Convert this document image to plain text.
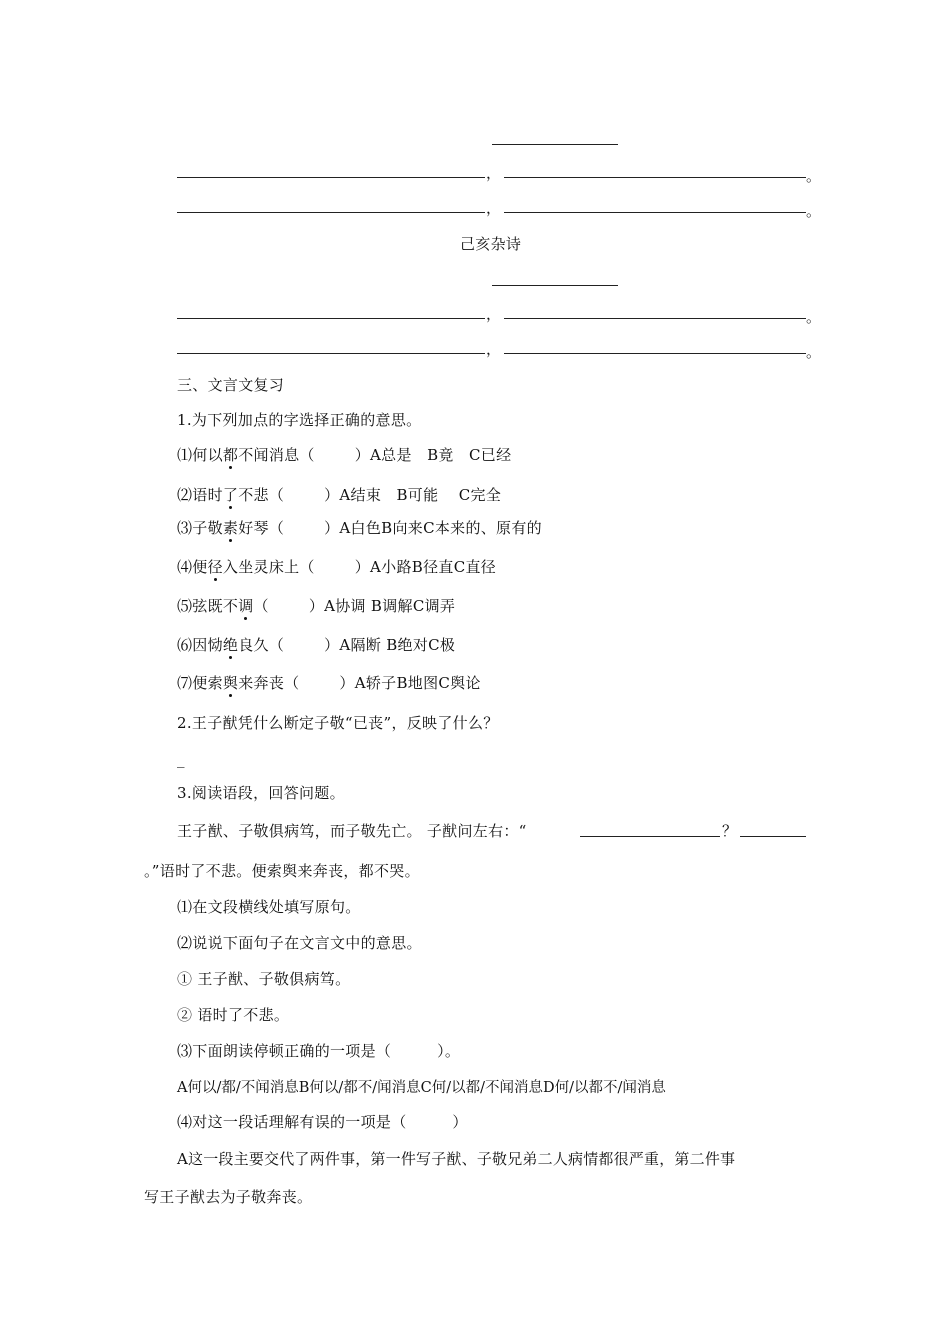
，	。
，	。
己亥杂诗
，	。
，	。
三、文言文复习
1.为下列加点的字选择正确的意思。
⑴何以都不闻消息（	）A总是　B竟　C已经
⑵语时了不悲（	）A结束　B可能　 C完全
⑶子敬素好琴（	）A白色B向来C本来的、原有的
⑷便径入坐灵床上（	）A小路B径直C直径
⑸弦既不调（	）A协调 B调解C调弄
⑹因恸绝良久（	）A隔断 B绝对C极
⑺便索舆来奔丧（	）A轿子B地图C舆论
2.王子猷凭什么断定子敬“已丧”，反映了什么？
_
3.阅读语段，回答问题。
王子猷、子敬俱病笃，而子敬先亡。 子猷问左右：“	？
。”语时了不悲。便索舆来奔丧，都不哭。
⑴在文段横线处填写原句。
⑵说说下面句子在文言文中的意思。
① 王子猷、子敬俱病笃。
② 语时了不悲。
⑶下面朗读停顿正确的一项是（　　　）。
A何以/都/不闻消息B何以/都不/闻消息C何/以都/不闻消息D何/以都不/闻消息
⑷对这一段话理解有误的一项是（　　　）
A这一段主要交代了两件事，第一件写子猷、子敬兄弟二人病情都很严重，第二件事
写王子猷去为子敬奔丧。
